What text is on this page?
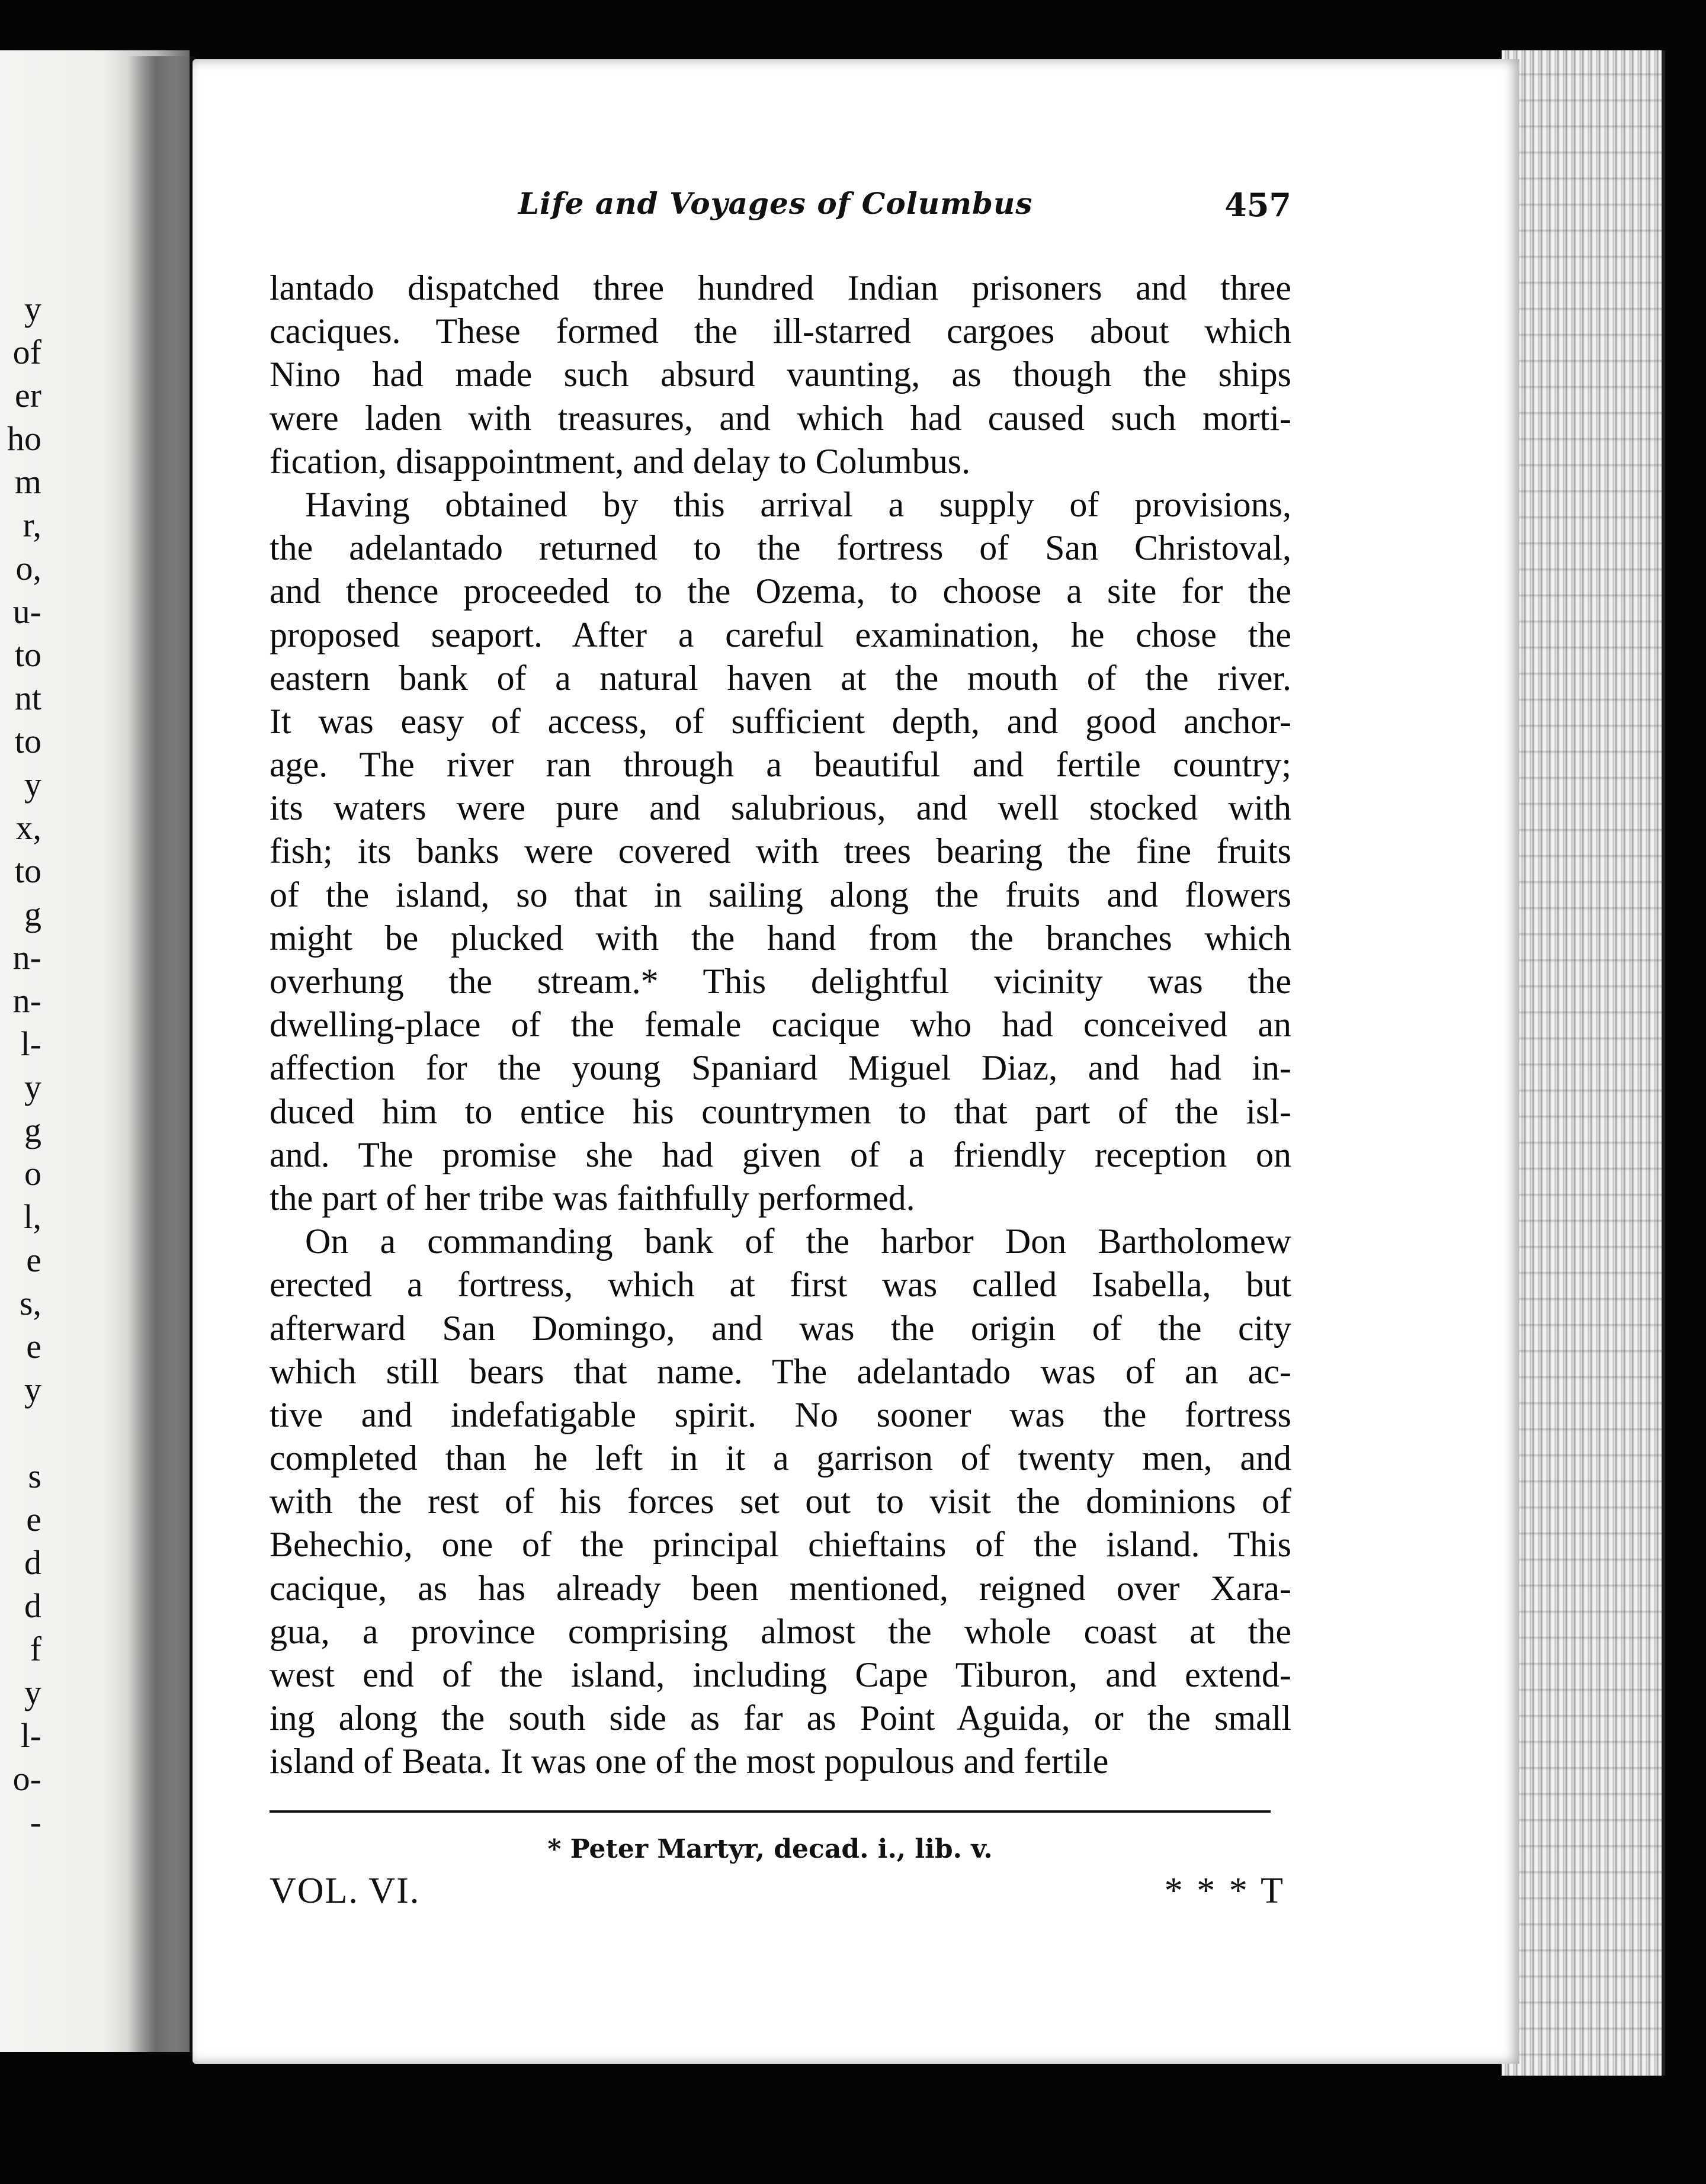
y
of
er
ho
m
r,
o,
u-
to
nt
to
y
x,
to
g
n-
n-
l-
y
g
o
l,
e
s,
e
y
s
e
d
d
f
y
l-
o-
-
Life and Voyages of Columbus	457
lantado dispatched three hundred Indian prisoners and three
caciques. These formed the ill-starred cargoes about which
Nino had made such absurd vaunting, as though the ships
were laden with treasures, and which had caused such morti-
fication, disappointment, and delay to Columbus.
 Having obtained by this arrival a supply of provisions,
the adelantado returned to the fortress of San Christoval,
and thence proceeded to the Ozema, to choose a site for the
proposed seaport. After a careful examination, he chose the
eastern bank of a natural haven at the mouth of the river.
It was easy of access, of sufficient depth, and good anchor-
age. The river ran through a beautiful and fertile country;
its waters were pure and salubrious, and well stocked with
fish; its banks were covered with trees bearing the fine fruits
of the island, so that in sailing along the fruits and flowers
might be plucked with the hand from the branches which
overhung the stream.* This delightful vicinity was the
dwelling-place of the female cacique who had conceived an
affection for the young Spaniard Miguel Diaz, and had in-
duced him to entice his countrymen to that part of the isl-
and. The promise she had given of a friendly reception on
the part of her tribe was faithfully performed.
 On a commanding bank of the harbor Don Bartholomew
erected a fortress, which at first was called Isabella, but
afterward San Domingo, and was the origin of the city
which still bears that name. The adelantado was of an ac-
tive and indefatigable spirit. No sooner was the fortress
completed than he left in it a garrison of twenty men, and
with the rest of his forces set out to visit the dominions of
Behechio, one of the principal chieftains of the island. This
cacique, as has already been mentioned, reigned over Xara-
gua, a province comprising almost the whole coast at the
west end of the island, including Cape Tiburon, and extend-
ing along the south side as far as Point Aguida, or the small
island of Beata. It was one of the most populous and fertile
* Peter Martyr, decad. i., lib. v.
VOL. VI.	* * * T
